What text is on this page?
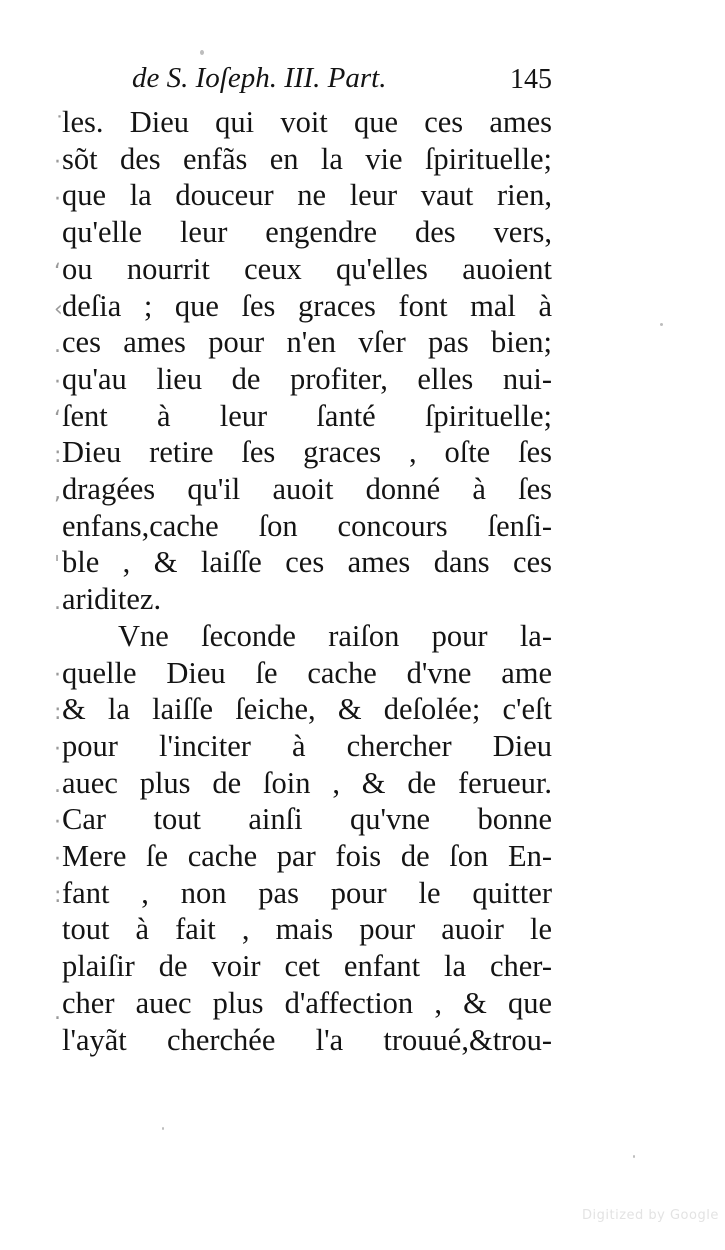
de S. Ioſeph. III. Part.	145
˙
·
·
ʻ
‹
.
·
ʻ
:
,
ˈ
.
·
:
·
.
·
·
:
.
les. Dieu qui voit que ces ames
sõt des enfãs en la vie ſpirituelle;
que la douceur ne leur vaut rien,
qu'elle leur engendre des vers,
ou nourrit ceux qu'elles auoient
deſia ; que ſes graces font mal à
ces ames pour n'en vſer pas bien;
qu'au lieu de profiter, elles nui-
ſent à leur ſanté ſpirituelle;
Dieu retire ſes graces , oſte ſes
dragées qu'il auoit donné à ſes
enfans,cache ſon concours ſenſi-
ble , & laiſſe ces ames dans ces
ariditez.
Vne ſeconde raiſon pour la-
quelle Dieu ſe cache d'vne ame
& la laiſſe ſeiche, & deſolée; c'eſt
pour l'inciter à chercher Dieu
auec plus de ſoin , & de ferueur.
Car tout ainſi qu'vne bonne
Mere ſe cache par fois de ſon En-
fant , non pas pour le quitter
tout à fait , mais pour auoir le
plaiſir de voir cet enfant la cher-
cher auec plus d'affection , & que
l'ayãt cherchée l'a trouué,&trou-
Digitized by Google
